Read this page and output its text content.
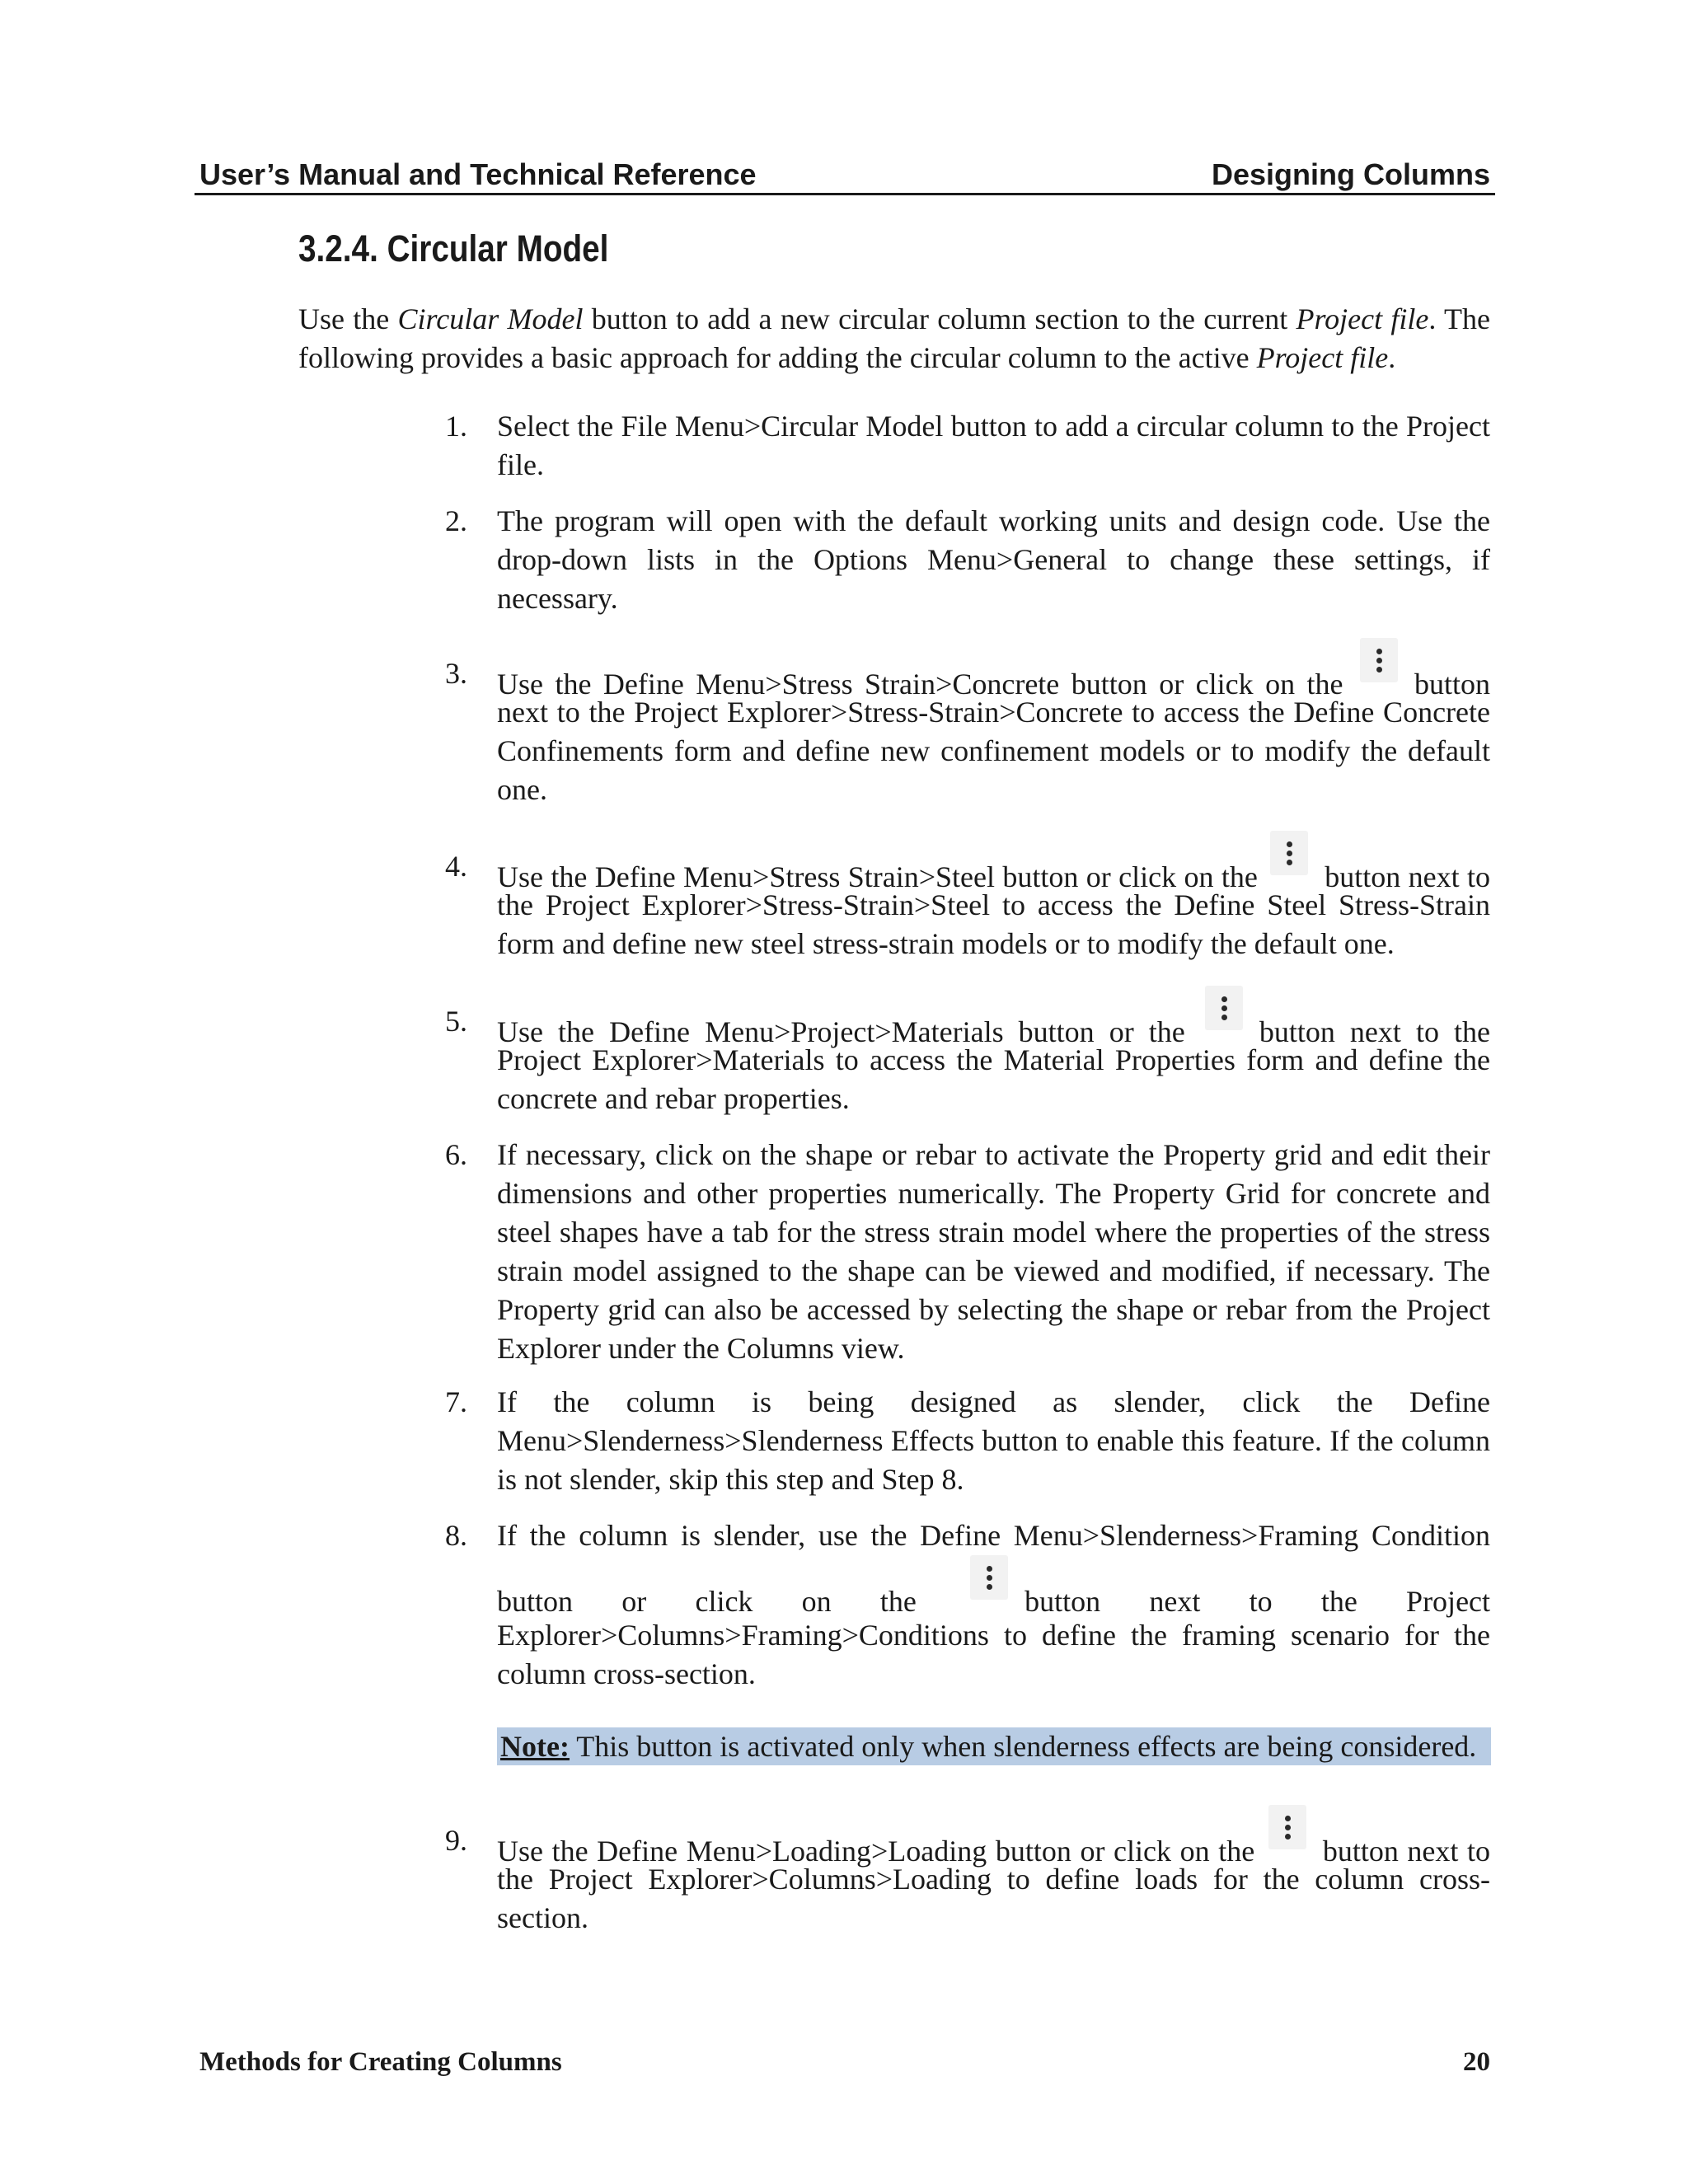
User’s Manual and Technical Reference	Designing Columns
3.2.4. Circular Model
Use the Circular Model button to add a new circular column section to the current Project file. The following provides a basic approach for adding the circular column to the active Project file.
1.	Select the File Menu>Circular Model button to add a circular column to the Project file.
2.	The program will open with the default working units and design code. Use the drop-down lists in the Options Menu>General to change these settings, if necessary.
3.	Use the Define Menu>Stress Strain>Concrete button or click on the button
next to the Project Explorer>Stress-Strain>Concrete to access the Define Concrete Confinements form and define new confinement models or to modify the default one.
4.	Use the Define Menu>Stress Strain>Steel button or click on the button next to
the Project Explorer>Stress-Strain>Steel to access the Define Steel Stress-Strain form and define new steel stress-strain models or to modify the default one.
5.	Use the Define Menu>Project>Materials button or the	button next to the
Project Explorer>Materials to access the Material Properties form and define the concrete and rebar properties.
6.	If necessary, click on the shape or rebar to activate the Property grid and edit their dimensions and other properties numerically. The Property Grid for concrete and steel shapes have a tab for the stress strain model where the properties of the stress strain model assigned to the shape can be viewed and modified, if necessary. The Property grid can also be accessed by selecting the shape or rebar from the Project Explorer under the Columns view.
7.	If the column is being designed as slender, click the Define Menu>Slenderness>Slenderness Effects button to enable this feature. If the column is not slender, skip this step and Step 8.
8.	If the column is slender, use the Define Menu>Slenderness>Framing Condition
button or click on the	button next to the Project
Explorer>Columns>Framing>Conditions to define the framing scenario for the column cross-section.
Note: This button is activated only when slenderness effects are being considered.
9.	Use the Define Menu>Loading>Loading button or click on the button next to
the Project Explorer>Columns>Loading to define loads for the column cross-section.
Methods for Creating Columns	20
